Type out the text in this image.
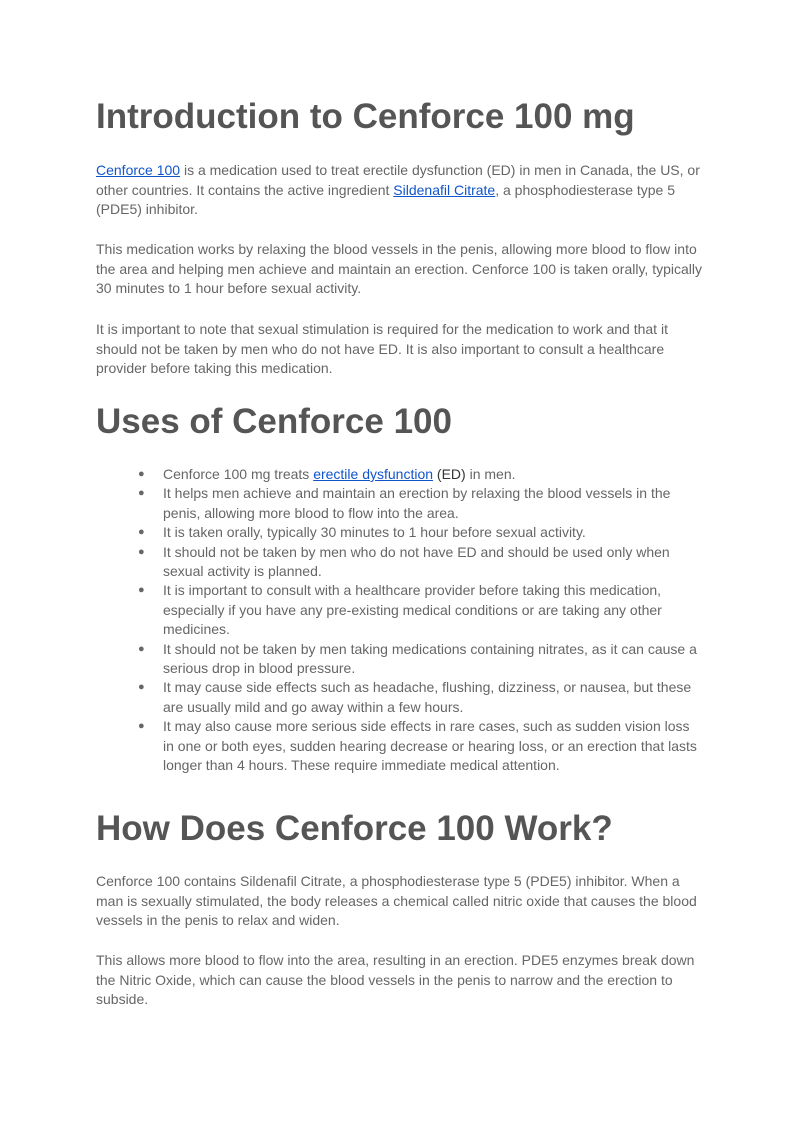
Introduction to Cenforce 100 mg

Cenforce 100 is a medication used to treat erectile dysfunction (ED) in men in Canada, the US, or other countries. It contains the active ingredient Sildenafil Citrate, a phosphodiesterase type 5 (PDE5) inhibitor.

This medication works by relaxing the blood vessels in the penis, allowing more blood to flow into the area and helping men achieve and maintain an erection. Cenforce 100 is taken orally, typically 30 minutes to 1 hour before sexual activity.

It is important to note that sexual stimulation is required for the medication to work and that it should not be taken by men who do not have ED. It is also important to consult a healthcare provider before taking this medication.

Uses of Cenforce 100
● Cenforce 100 mg treats erectile dysfunction (ED) in men.
● It helps men achieve and maintain an erection by relaxing the blood vessels in the penis, allowing more blood to flow into the area.
● It is taken orally, typically 30 minutes to 1 hour before sexual activity.
● It should not be taken by men who do not have ED and should be used only when sexual activity is planned.
● It is important to consult with a healthcare provider before taking this medication, especially if you have any pre-existing medical conditions or are taking any other medicines.
● It should not be taken by men taking medications containing nitrates, as it can cause a serious drop in blood pressure.
● It may cause side effects such as headache, flushing, dizziness, or nausea, but these are usually mild and go away within a few hours.
● It may also cause more serious side effects in rare cases, such as sudden vision loss in one or both eyes, sudden hearing decrease or hearing loss, or an erection that lasts longer than 4 hours. These require immediate medical attention.
How Does Cenforce 100 Work?

Cenforce 100 contains Sildenafil Citrate, a phosphodiesterase type 5 (PDE5) inhibitor. When a man is sexually stimulated, the body releases a chemical called nitric oxide that causes the blood vessels in the penis to relax and widen.

This allows more blood to flow into the area, resulting in an erection. PDE5 enzymes break down the Nitric Oxide, which can cause the blood vessels in the penis to narrow and the erection to subside.
